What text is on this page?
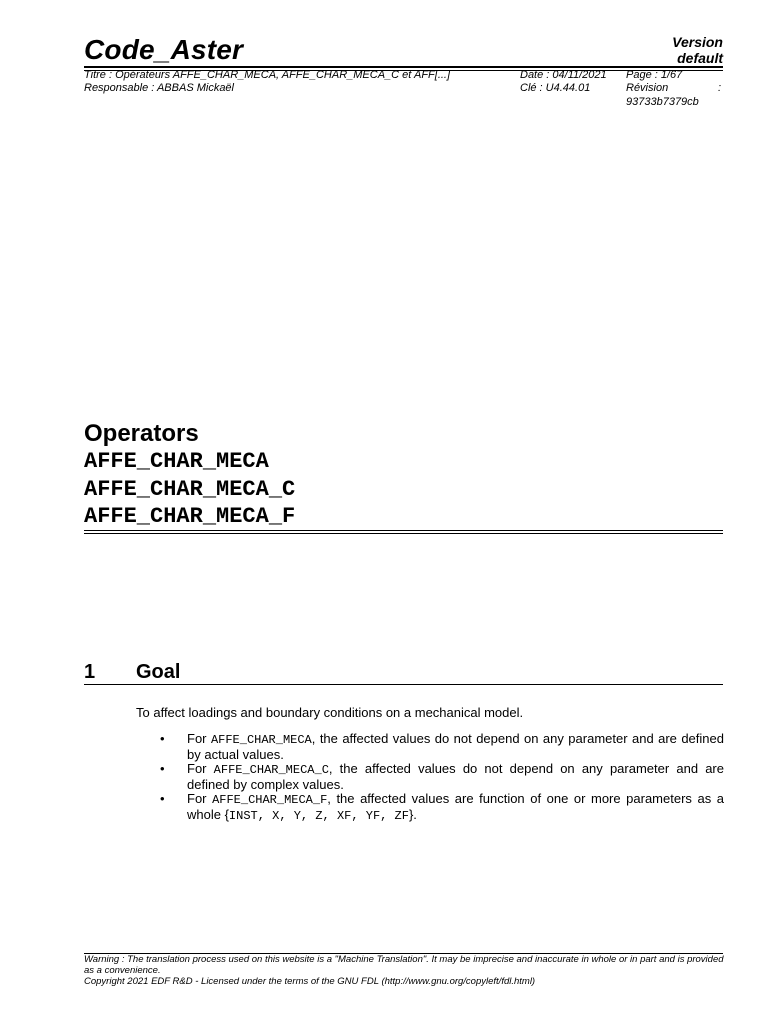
Code_Aster	Version
default
Titre : Opérateurs AFFE_CHAR_MECA, AFFE_CHAR_MECA_C et AFF[...]
Responsable : ABBAS Mickaël
Date : 04/11/2021
Clé : U4.44.01
Page : 1/67
Révision	:
93733b7379cb
Operators
AFFE_CHAR_MECA
AFFE_CHAR_MECA_C
AFFE_CHAR_MECA_F
1 Goal
To affect loadings and boundary conditions on a mechanical model.
• For AFFE_CHAR_MECA, the affected values do not depend on any parameter and are defined by actual values.
• For AFFE_CHAR_MECA_C, the affected values do not depend on any parameter and are defined by complex values.
• For AFFE_CHAR_MECA_F, the affected values are function of one or more parameters as a whole {INST, X, Y, Z, XF, YF, ZF}.
Warning : The translation process used on this website is a "Machine Translation". It may be imprecise and inaccurate in whole or in part and is provided as a convenience.
Copyright 2021 EDF R&D - Licensed under the terms of the GNU FDL (http://www.gnu.org/copyleft/fdl.html)
